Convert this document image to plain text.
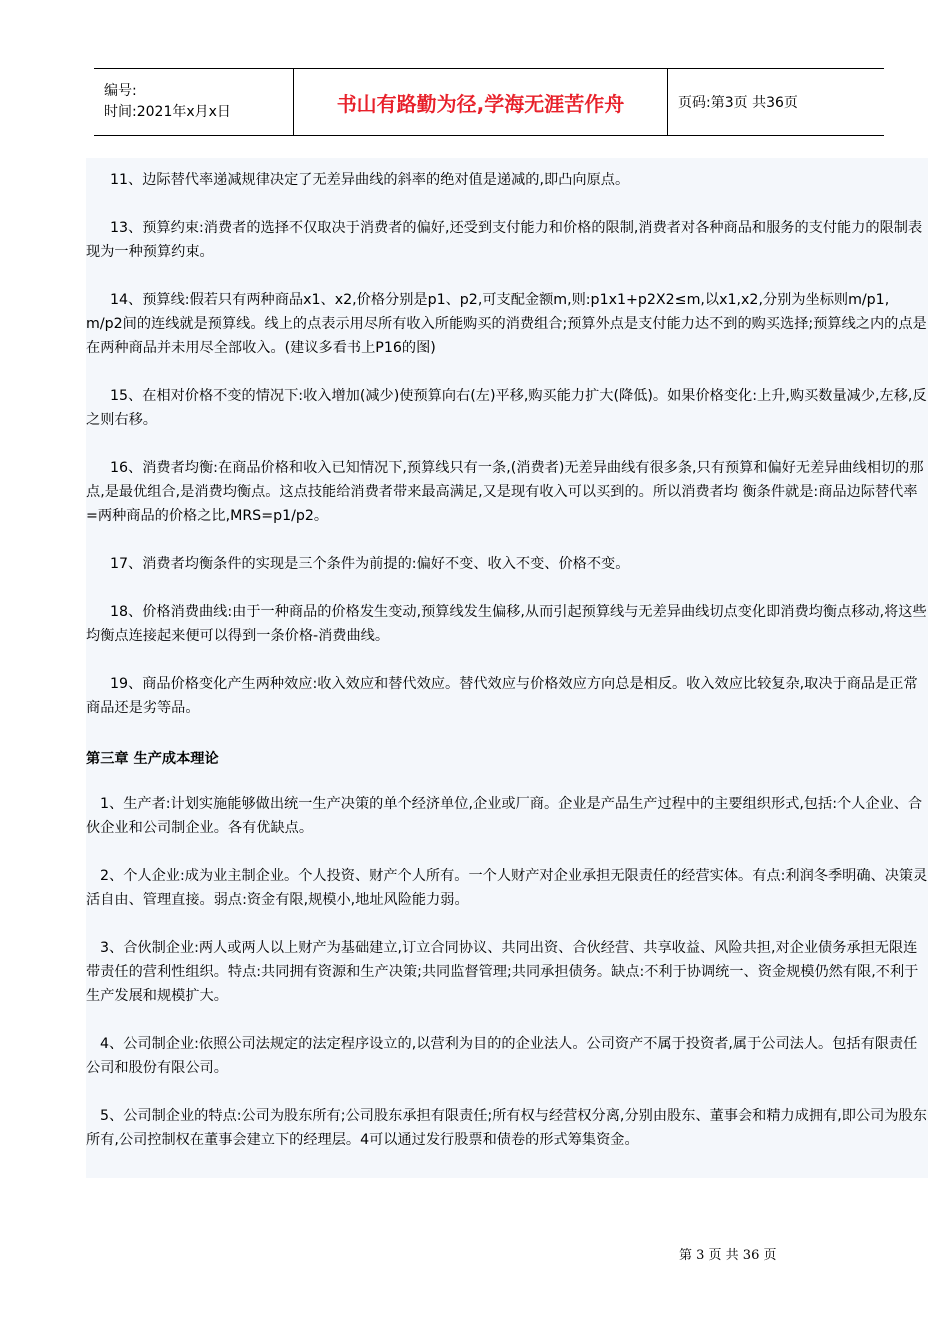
编号:
时间:2021年x月x日	书山有路勤为径,学海无涯苦作舟	页码:第3页 共36页

11、边际替代率递减规律决定了无差异曲线的斜率的绝对值是递减的,即凸向原点。

13、预算约束:消费者的选择不仅取决于消费者的偏好,还受到支付能力和价格的限制,消费者对各种商品和服务的支付能力的限制表现为一种预算约束。

14、预算线:假若只有两种商品x1、x2,价格分别是p1、p2,可支配金额m,则:p1x1+p2X2≤m,以x1,x2,分别为坐标则m/p1, m/p2间的连线就是预算线。线上的点表示用尽所有收入所能购买的消费组合;预算外点是支付能力达不到的购买选择;预算线之内的点是在两种商品并未用尽全部收入。(建议多看书上P16的图)

15、在相对价格不变的情况下:收入增加(减少)使预算向右(左)平移,购买能力扩大(降低)。如果价格变化:上升,购买数量减少,左移,反之则右移。

16、消费者均衡:在商品价格和收入已知情况下,预算线只有一条,(消费者)无差异曲线有很多条,只有预算和偏好无差异曲线相切的那点,是最优组合,是消费均衡点。这点技能给消费者带来最高满足,又是现有收入可以买到的。所以消费者均 衡条件就是:商品边际替代率=两种商品的价格之比,MRS=p1/p2。

17、消费者均衡条件的实现是三个条件为前提的:偏好不变、收入不变、价格不变。

18、价格消费曲线:由于一种商品的价格发生变动,预算线发生偏移,从而引起预算线与无差异曲线切点变化即消费均衡点移动,将这些均衡点连接起来便可以得到一条价格-消费曲线。

19、商品价格变化产生两种效应:收入效应和替代效应。替代效应与价格效应方向总是相反。收入效应比较复杂,取决于商品是正常商品还是劣等品。

第三章 生产成本理论

1、生产者:计划实施能够做出统一生产决策的单个经济单位,企业或厂商。企业是产品生产过程中的主要组织形式,包括:个人企业、合伙企业和公司制企业。各有优缺点。

2、个人企业:成为业主制企业。个人投资、财产个人所有。一个人财产对企业承担无限责任的经营实体。有点:利润冬季明确、决策灵活自由、管理直接。弱点:资金有限,规模小,地址风险能力弱。

3、合伙制企业:两人或两人以上财产为基础建立,订立合同协议、共同出资、合伙经营、共享收益、风险共担,对企业债务承担无限连带责任的营利性组织。特点:共同拥有资源和生产决策;共同监督管理;共同承担债务。缺点:不利于协调统一、资金规模仍然有限,不利于生产发展和规模扩大。

4、公司制企业:依照公司法规定的法定程序设立的,以营利为目的的企业法人。公司资产不属于投资者,属于公司法人。包括有限责任公司和股份有限公司。

5、公司制企业的特点:公司为股东所有;公司股东承担有限责任;所有权与经营权分离,分别由股东、董事会和精力成拥有,即公司为股东所有,公司控制权在董事会建立下的经理层。4可以通过发行股票和债卷的形式筹集资金。

第 3 页 共 36 页
